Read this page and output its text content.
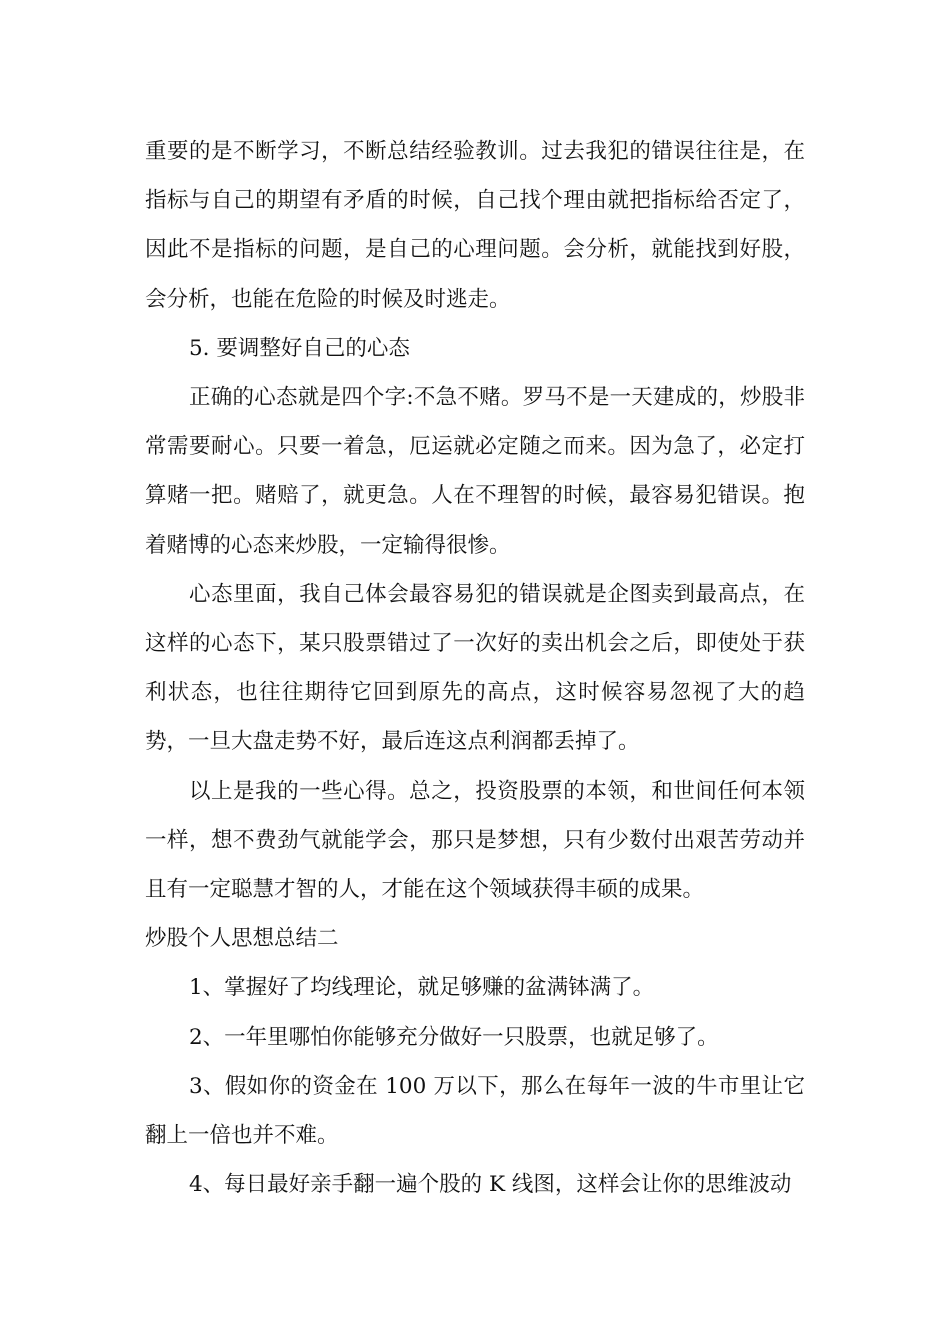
重要的是不断学习，不断总结经验教训。过去我犯的错误往往是，在指标与自己的期望有矛盾的时候，自己找个理由就把指标给否定了，因此不是指标的问题，是自己的心理问题。会分析，就能找到好股，会分析，也能在危险的时候及时逃走。

5. 要调整好自己的心态

正确的心态就是四个字:不急不赌。罗马不是一天建成的，炒股非常需要耐心。只要一着急，厄运就必定随之而来。因为急了，必定打算赌一把。赌赔了，就更急。人在不理智的时候，最容易犯错误。抱着赌博的心态来炒股，一定输得很惨。

心态里面，我自己体会最容易犯的错误就是企图卖到最高点，在这样的心态下，某只股票错过了一次好的卖出机会之后，即使处于获利状态，也往往期待它回到原先的高点，这时候容易忽视了大的趋势，一旦大盘走势不好，最后连这点利润都丢掉了。

以上是我的一些心得。总之，投资股票的本领，和世间任何本领一样，想不费劲气就能学会，那只是梦想，只有少数付出艰苦劳动并且有一定聪慧才智的人，才能在这个领域获得丰硕的成果。

炒股个人思想总结二

1、掌握好了均线理论，就足够赚的盆满钵满了。

2、一年里哪怕你能够充分做好一只股票，也就足够了。

3、假如你的资金在 100 万以下，那么在每年一波的牛市里让它翻上一倍也并不难。

4、每日最好亲手翻一遍个股的 K 线图，这样会让你的思维波动
